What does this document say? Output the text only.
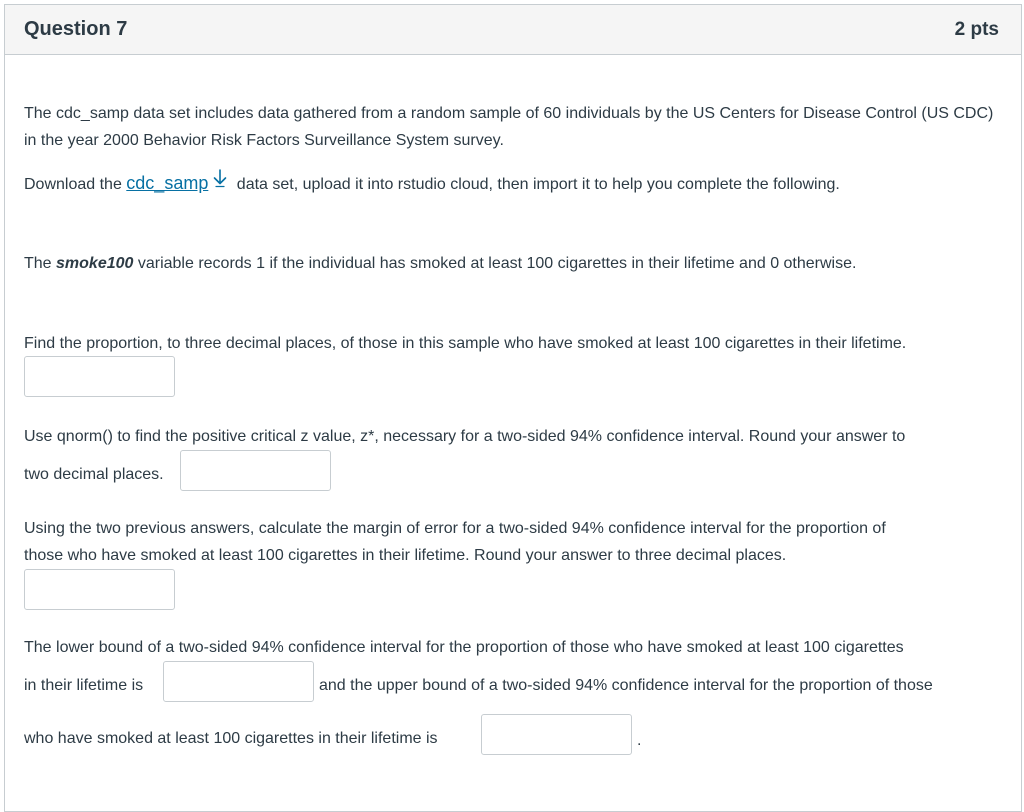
Question 7	2 pts

The cdc_samp data set includes data gathered from a random sample of 60 individuals by the US Centers for Disease Control (US CDC) in the year 2000 Behavior Risk Factors Surveillance System survey.

Download the cdc_samp data set, upload it into rstudio cloud, then import it to help you complete the following.

The smoke100 variable records 1 if the individual has smoked at least 100 cigarettes in their lifetime and 0 otherwise.

Find the proportion, to three decimal places, of those in this sample who have smoked at least 100 cigarettes in their lifetime.

Use qnorm() to find the positive critical z value, z*, necessary for a two-sided 94% confidence interval. Round your answer to

two decimal places.

Using the two previous answers, calculate the margin of error for a two-sided 94% confidence interval for the proportion of

those who have smoked at least 100 cigarettes in their lifetime. Round your answer to three decimal places.

The lower bound of a two-sided 94% confidence interval for the proportion of those who have smoked at least 100 cigarettes

in their lifetime is	and the upper bound of a two-sided 94% confidence interval for the proportion of those

who have smoked at least 100 cigarettes in their lifetime is	.
